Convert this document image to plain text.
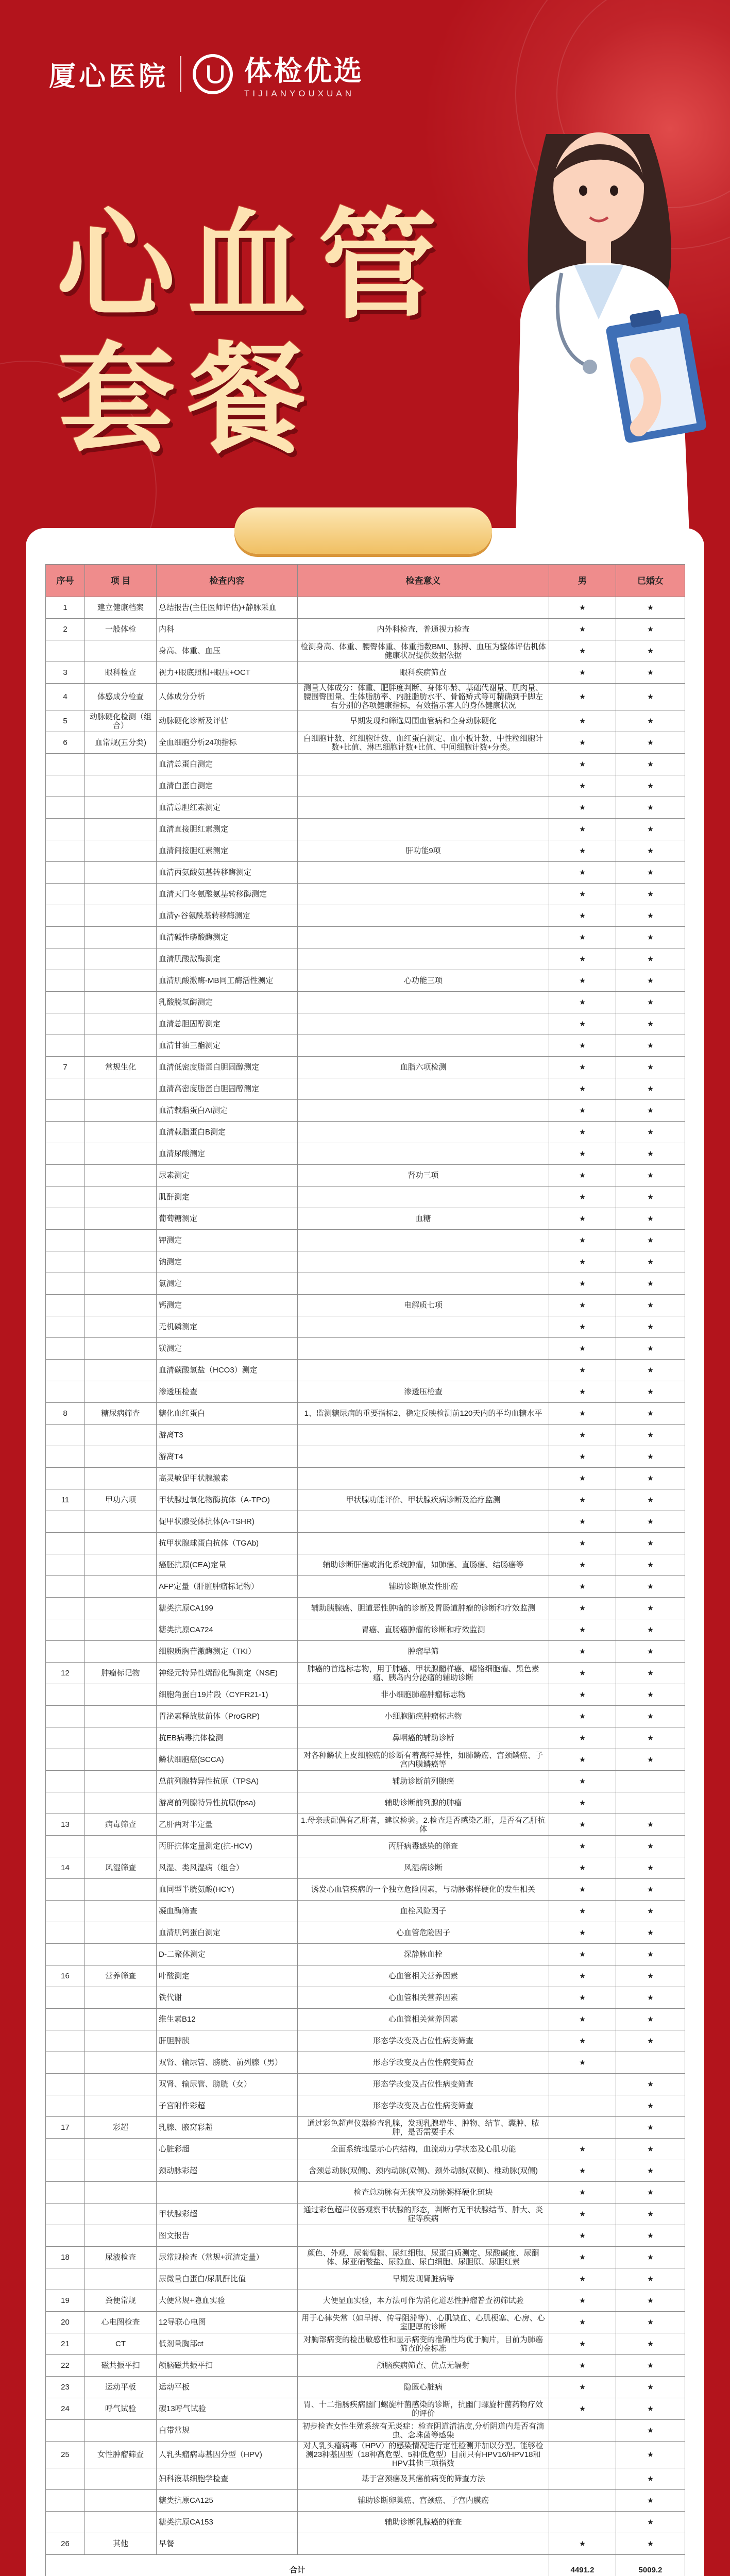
厦心医院	体检优选
TIJIANYOUXUAN
心血管
套餐
序号	项 目	检查内容	检查意义	男	已婚女
1	建立健康档案	总结报告(主任医师评估)+静脉采血		★	★
2	一般体检	内科	内外科检查，普通视力检查	★	★
		身高、体重、血压	检测身高、体重、腰臀体重、体重指数BMI、脉搏、血压为整体评估机体健康状况提供数据依据	★	★
3	眼科检查	视力+眼底照相+眼压+OCT	眼科疾病筛查	★	★
4	体感成分检查	人体成分分析	测量人体成分：体重、肥胖度判断、身体年龄、基础代谢量、肌肉量、腰围臀围量、生体脂肪率、内脏脂肪水平、骨骼矫式等可精确到手脚左右分别的各项健康指标，有效指示客人的身体健康状况	★	★
5	动脉硬化检测（组合）	动脉硬化诊断及评估	早期发现和筛选周围血管病和全身动脉硬化	★	★
6	血常规(五分类)	全血细胞分析24项指标	白细胞计数、红细胞计数、血红蛋白测定、血小板计数、中性粒细胞计数+比值、淋巴细胞计数+比值、中间细胞计数+分类。	★	★
		血清总蛋白测定		★	★
		血清白蛋白测定		★	★
		血清总胆红素测定		★	★
		血清直接胆红素测定		★	★
		血清间接胆红素测定	肝功能9项	★	★
		血清丙氨酸氨基转移酶测定		★	★
		血清天门冬氨酸氨基转移酶测定		★	★
		血清γ-谷氨酰基转移酶测定		★	★
		血清碱性磷酸酶测定		★	★
		血清肌酸激酶测定		★	★
		血清肌酸激酶-MB同工酶活性测定	心功能三项	★	★
		乳酸脱氢酶测定		★	★
		血清总胆固醇测定		★	★
		血清甘油三酯测定		★	★
7	常规生化	血清低密度脂蛋白胆固醇测定	血脂六项检测	★	★
		血清高密度脂蛋白胆固醇测定		★	★
		血清载脂蛋白AI测定		★	★
		血清载脂蛋白B测定		★	★
		血清尿酸测定		★	★
		尿素测定	肾功三项	★	★
		肌酐测定		★	★
		葡萄糖测定	血糖	★	★
		钾测定		★	★
		钠测定		★	★
		氯测定		★	★
		钙测定	电解质七项	★	★
		无机磷测定		★	★
		镁测定		★	★
		血清碳酸氢盐（HCO3）测定		★	★
		渗透压检查	渗透压检查	★	★
8	糖尿病筛查	糖化血红蛋白	1、监测糖尿病的重要指标2、稳定反映检测前120天内的平均血糖水平	★	★
		游离T3		★	★
		游离T4		★	★
		高灵敏促甲状腺激素		★	★
11	甲功六项	甲状腺过氧化物酶抗体（A-TPO)	甲状腺功能评价、甲状腺疾病诊断及治疗监测	★	★
		促甲状腺受体抗体(A-TSHR)		★	★
		抗甲状腺球蛋白抗体（TGAb)		★	★
		癌胚抗原(CEA)定量	辅助诊断肝癌或消化系统肿瘤，如肺癌、直肠癌、结肠癌等	★	★
		AFP定量（肝脏肿瘤标记物）	辅助诊断原发性肝癌	★	★
		糖类抗原CA199	辅助胰腺癌、胆道恶性肿瘤的诊断及胃肠道肿瘤的诊断和疗效监测	★	★
		糖类抗原CA724	胃癌、直肠癌肿瘤的诊断和疗效监测	★	★
		细胞质胸苷激酶测定（TKI）	肿瘤早筛	★	★
12	肿瘤标记物	神经元特异性烯醇化酶测定（NSE)	肺癌的首选标志物，用于肺癌、甲状腺髓样癌、嗜铬细胞瘤、黑色素瘤、胰岛内分泌瘤的辅助诊断	★	★
		细胞角蛋白19片段（CYFR21-1)	非小细胞肺癌肿瘤标志物	★	★
		胃泌素释放肽前体（ProGRP)	小细胞肺癌肿瘤标志物	★	★
		抗EB病毒抗体检测	鼻咽癌的辅助诊断	★	★
		鳞状细胞癌(SCCA)	对各种鳞状上皮细胞癌的诊断有着高特异性，如肺鳞癌、宫颈鳞癌、子宫内膜鳞癌等	★	★
		总前列腺特异性抗原（TPSA)	辅助诊断前列腺癌	★	
		游离前列腺特异性抗原(fpsa)	辅助诊断前列腺的肿瘤	★	
13	病毒筛查	乙肝两对半定量	1.母亲或配偶有乙肝者，建议检验。2.检查是否感染乙肝，是否有乙肝抗体	★	★
		丙肝抗体定量测定(抗-HCV)	丙肝病毒感染的筛查	★	★
14	风湿筛查	风湿、类风湿病（组合）	风湿病诊断	★	★
		血同型半胱氨酸(HCY)	诱发心血管疾病的一个独立危险因素，与动脉粥样硬化的发生相关	★	★
		凝血酶筛查	血栓风险因子	★	★
		血清肌钙蛋白测定	心血管危险因子	★	★
		D-二聚体测定	深静脉血栓	★	★
16	营养筛查	叶酸测定	心血管相关营养因素	★	★
		铁代谢	心血管相关营养因素	★	★
		维生素B12	心血管相关营养因素	★	★
		肝胆脾胰	形态学改变及占位性病变筛查	★	★
		双肾、输尿管、膀胱、前列腺（男）	形态学改变及占位性病变筛查	★	
		双肾、输尿管、膀胱（女）	形态学改变及占位性病变筛查		★
		子宫附件彩超	形态学改变及占位性病变筛查		★
17	彩超	乳腺、腋窝彩超	通过彩色超声仪器检查乳腺，发现乳腺增生、肿物、结节、囊肿、脓肿，是否需要手术		★
		心脏彩超	全面系统地显示心内结构，血流动力学状态及心肌功能	★	★
		颈动脉彩超	含颈总动脉(双侧)、颈内动脉(双侧)、颈外动脉(双侧)、椎动脉(双侧)	★	★
			检查总动脉有无狭窄及动脉粥样硬化斑块	★	★
		甲状腺彩超	通过彩色超声仪器观察甲状腺的形态，判断有无甲状腺结节、肿大、炎症等疾病	★	★
		图文报告		★	★
18	尿液检查	尿常规检查（常规+沉渣定量）	颜色、外观、尿葡萄糖、尿红细胞、尿蛋白质测定、尿酸碱度、尿酮体、尿亚硝酸盐、尿隐血、尿白细胞、尿胆原、尿胆红素	★	★
		尿微量白蛋白/尿肌酐比值	早期发现肾脏病等	★	★
19	粪便常规	大便常规+隐血实验	大便显血实验，本方法可作为消化道恶性肿瘤普查初筛试验	★	★
20	心电图检查	12导联心电图	用于心律失常（如早搏、传导阻滞等）、心肌缺血、心肌梗塞、心房、心室肥厚的诊断	★	★
21	CT	低剂量胸部ct	对胸部病变的检出敏感性和显示病变的准确性均优于胸片，目前为肺癌筛查的金标准	★	★
22	磁共振平扫	颅脑磁共振平扫	颅脑疾病筛查、优点无辐射	★	★
23	运动平板	运动平板	隐匿心脏病	★	★
24	呼气试验	碳13呼气试验	胃、十二指肠疾病幽门螺旋杆菌感染的诊断，抗幽门螺旋杆菌药物疗效的评价	★	★
		白带常规	初步检查女性生殖系统有无炎症：检查阴道清洁度,分析阴道内是否有滴虫、念珠菌等感染		★
25	女性肿瘤筛查	人乳头瘤病毒基因分型（HPV)	对人乳头瘤病毒（HPV）的感染情况进行定性检测并加以分型。能够检测23种基因型（18种高危型、5种低危型）目前只有HPV16/HPV18和HPV其他三项指数		★
		妇科液基细胞学检查	基于宫颈癌及其癌前病变的筛查方法		★
		糖类抗原CA125	辅助诊断卵巢癌、宫颈癌、子宫内膜癌		★
		糖类抗原CA153	辅助诊断乳腺癌的筛查		★
26	其他	早餐		★	★
合计				4491.2	5009.2
